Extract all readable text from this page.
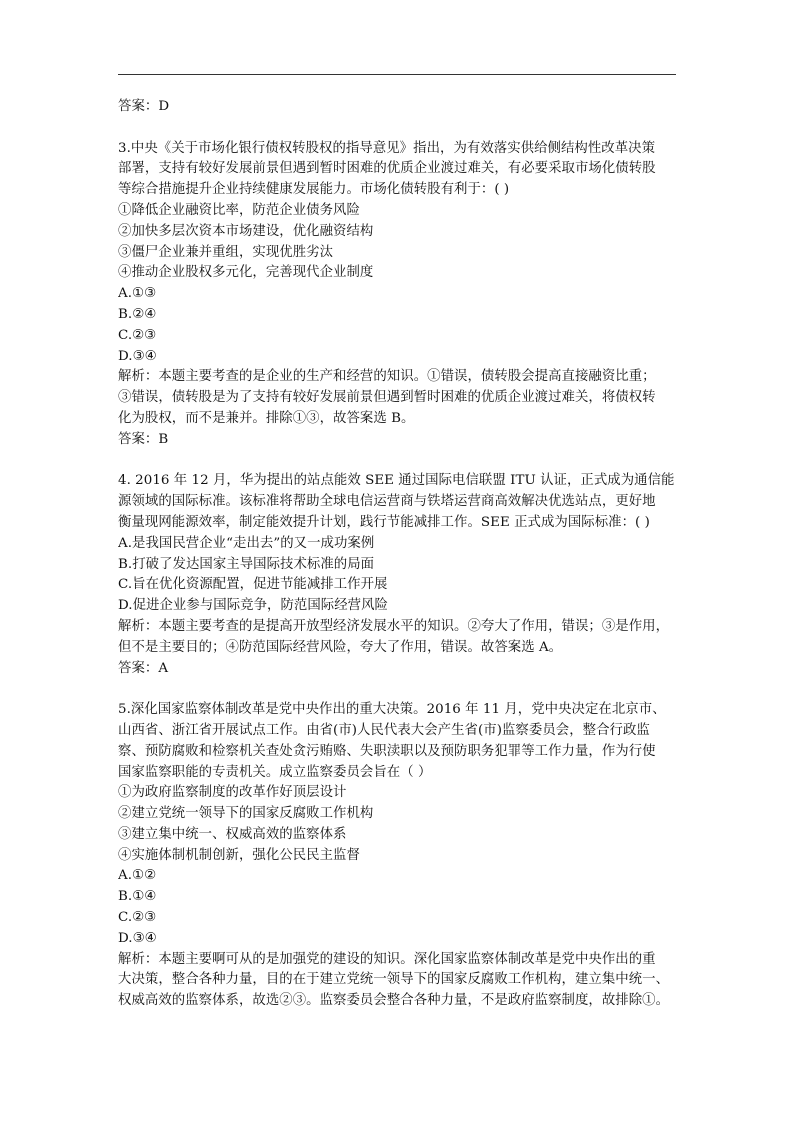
答案：D
3.中央《关于市场化银行债权转股权的指导意见》指出，为有效落实供给侧结构性改革决策
部署，支持有较好发展前景但遇到暂时困难的优质企业渡过难关，有必要采取市场化债转股
等综合措施提升企业持续健康发展能力。市场化债转股有利于：( )
①降低企业融资比率，防范企业债务风险
②加快多层次资本市场建设，优化融资结构
③僵尸企业兼并重组，实现优胜劣汰
④推动企业股权多元化，完善现代企业制度
A.①③
B.②④
C.②③
D.③④
解析：本题主要考查的是企业的生产和经营的知识。①错误，债转股会提高直接融资比重；
③错误，债转股是为了支持有较好发展前景但遇到暂时困难的优质企业渡过难关，将债权转
化为股权，而不是兼并。排除①③，故答案选 B。
答案：B
4. 2016 年 12 月，华为提出的站点能效 SEE 通过国际电信联盟 ITU 认证，正式成为通信能
源领域的国际标准。该标准将帮助全球电信运营商与铁塔运营商高效解决优选站点，更好地
衡量现网能源效率，制定能效提升计划，践行节能减排工作。SEE 正式成为国际标准：( )
A.是我国民营企业“走出去”的又一成功案例
B.打破了发达国家主导国际技术标准的局面
C.旨在优化资源配置，促进节能减排工作开展
D.促进企业参与国际竞争，防范国际经营风险
解析：本题主要考查的是提高开放型经济发展水平的知识。②夸大了作用，错误；③是作用，
但不是主要目的；④防范国际经营风险，夸大了作用，错误。故答案选 A。
答案：A
5.深化国家监察体制改革是党中央作出的重大决策。2016 年 11 月，党中央决定在北京市、
山西省、浙江省开展试点工作。由省(市)人民代表大会产生省(市)监察委员会，整合行政监
察、预防腐败和检察机关查处贪污贿赂、失职渎职以及预防职务犯罪等工作力量，作为行使
国家监察职能的专责机关。成立监察委员会旨在（ ）
①为政府监察制度的改革作好顶层设计
②建立党统一领导下的国家反腐败工作机构
③建立集中统一、权威高效的监察体系
④实施体制机制创新，强化公民民主监督
A.①②
B.①④
C.②③
D.③④
解析：本题主要啊可从的是加强党的建设的知识。深化国家监察体制改革是党中央作出的重
大决策，整合各种力量，目的在于建立党统一领导下的国家反腐败工作机构，建立集中统一、
权威高效的监察体系，故选②③。监察委员会整合各种力量，不是政府监察制度，故排除①。
